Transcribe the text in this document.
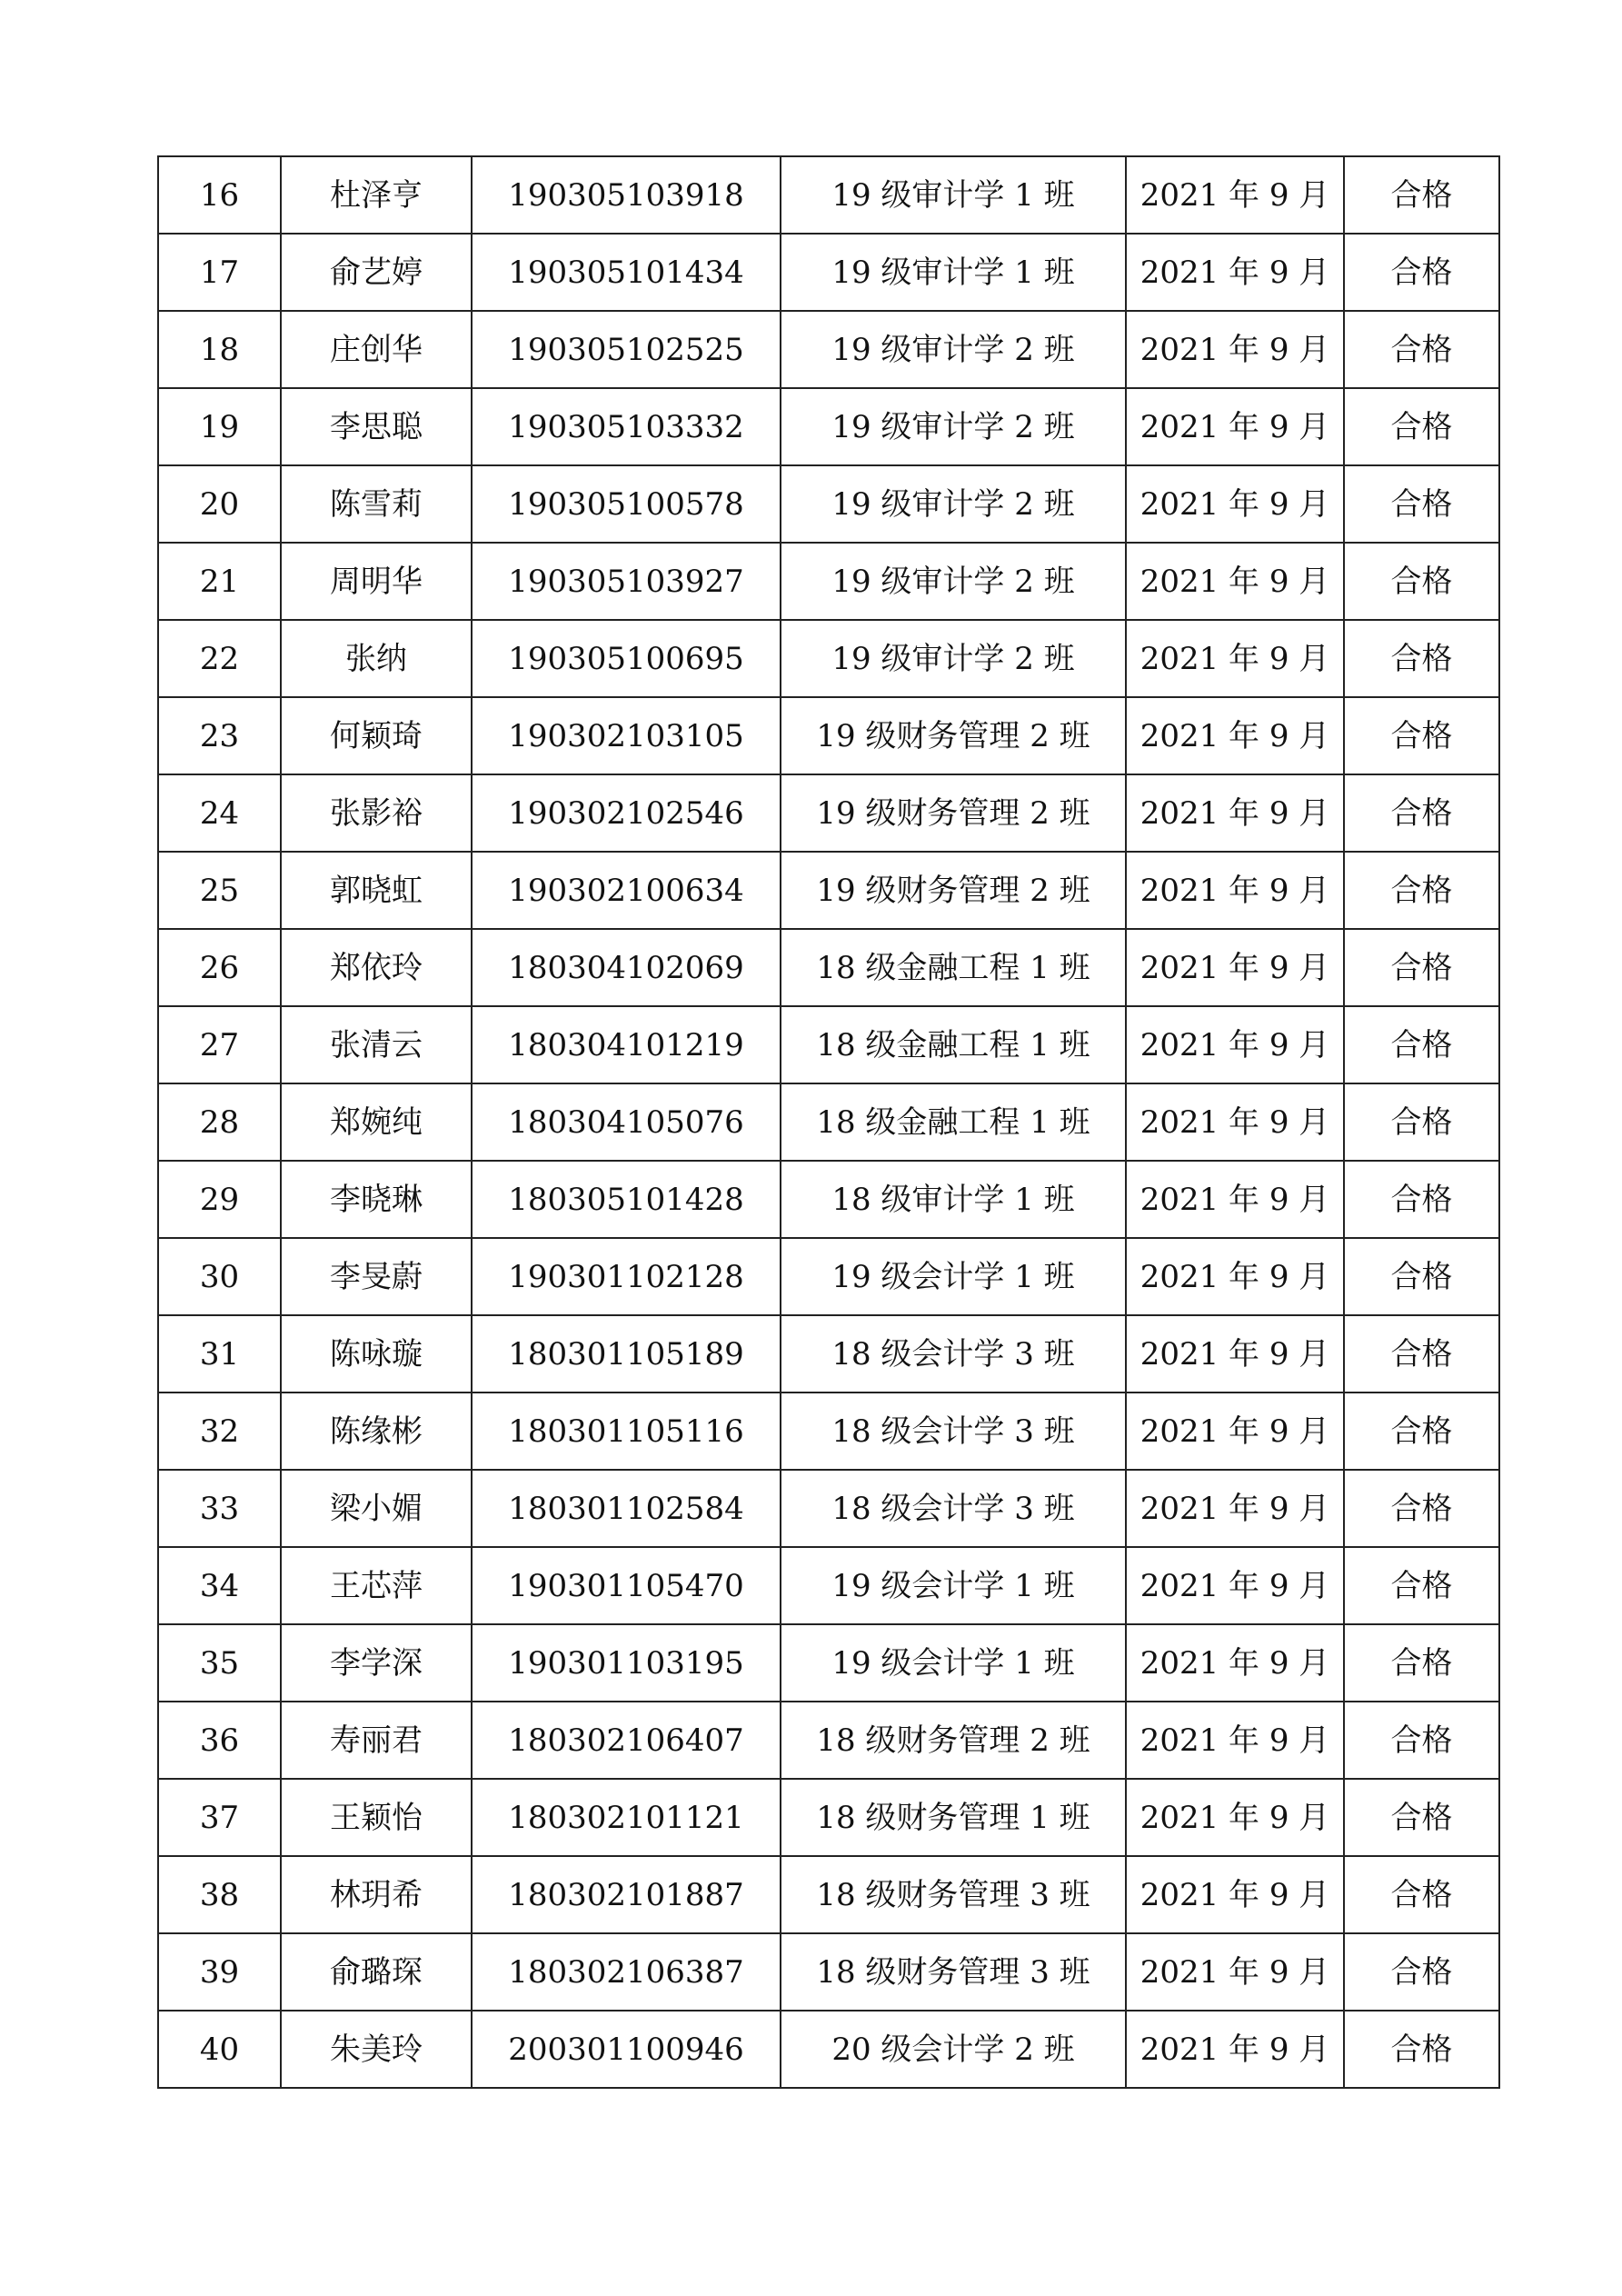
16	杜泽亨	190305103918	19 级审计学 1 班	2021 年 9 月	合格
17	俞艺婷	190305101434	19 级审计学 1 班	2021 年 9 月	合格
18	庄创华	190305102525	19 级审计学 2 班	2021 年 9 月	合格
19	李思聪	190305103332	19 级审计学 2 班	2021 年 9 月	合格
20	陈雪莉	190305100578	19 级审计学 2 班	2021 年 9 月	合格
21	周明华	190305103927	19 级审计学 2 班	2021 年 9 月	合格
22	张纳	190305100695	19 级审计学 2 班	2021 年 9 月	合格
23	何颖琦	190302103105	19 级财务管理 2 班	2021 年 9 月	合格
24	张影裕	190302102546	19 级财务管理 2 班	2021 年 9 月	合格
25	郭晓虹	190302100634	19 级财务管理 2 班	2021 年 9 月	合格
26	郑依玲	180304102069	18 级金融工程 1 班	2021 年 9 月	合格
27	张清云	180304101219	18 级金融工程 1 班	2021 年 9 月	合格
28	郑婉纯	180304105076	18 级金融工程 1 班	2021 年 9 月	合格
29	李晓琳	180305101428	18 级审计学 1 班	2021 年 9 月	合格
30	李旻蔚	190301102128	19 级会计学 1 班	2021 年 9 月	合格
31	陈咏璇	180301105189	18 级会计学 3 班	2021 年 9 月	合格
32	陈缘彬	180301105116	18 级会计学 3 班	2021 年 9 月	合格
33	梁小媚	180301102584	18 级会计学 3 班	2021 年 9 月	合格
34	王芯萍	190301105470	19 级会计学 1 班	2021 年 9 月	合格
35	李学深	190301103195	19 级会计学 1 班	2021 年 9 月	合格
36	寿丽君	180302106407	18 级财务管理 2 班	2021 年 9 月	合格
37	王颖怡	180302101121	18 级财务管理 1 班	2021 年 9 月	合格
38	林玥希	180302101887	18 级财务管理 3 班	2021 年 9 月	合格
39	俞璐琛	180302106387	18 级财务管理 3 班	2021 年 9 月	合格
40	朱美玲	200301100946	20 级会计学 2 班	2021 年 9 月	合格
